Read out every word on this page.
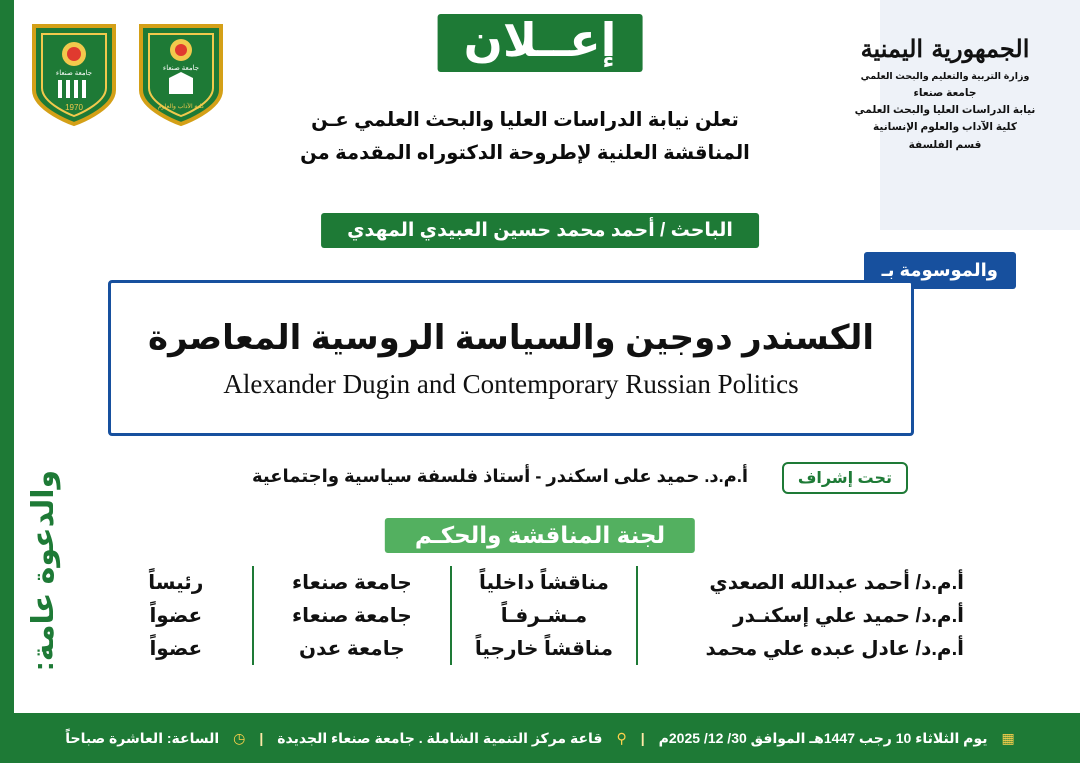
جامعة صنعاء
1970
جامعة صنعاء
كلية الآداب والعلوم
الجمهورية اليمنية
وزارة التربية والتعليم والبحث العلمي
جامعة صنعاء
نيابة الدراسات العليا والبحث العلمي
كلية الآداب والعلوم الإنسانية
قسم الفلسفة
إعــلان
تعلن نيابة الدراسات العليا والبحث العلمي عـن
المناقشة العلنية لإطروحة الدكتوراه المقدمة من
الباحث / أحمد محمد حسين العبيدي المهدي
والموسومة بـ
الكسندر دوجين والسياسة الروسية المعاصرة
Alexander Dugin and Contemporary Russian Politics
تحت إشراف
أ.م.د. حميد على اسكندر - أستاذ فلسفة سياسية واجتماعية
لجنة المناقشة والحكـم
أ.م.د/ أحمد عبدالله الصعدي	مناقشاً داخلياً	جامعة صنعاء	رئيساً
أ.م.د/ حميد علي إسكنـدر	مـشـرفـاً	جامعة صنعاء	عضواً
أ.م.د/ عادل عبده علي محمد	مناقشاً خارجياً	جامعة عدن	عضواً
والدعوة عامة:
▦
يوم الثلاثاء 10 رجب 1447هـ الموافق 30/ 12/ 2025م
|
⚲
قاعة مركز التنمية الشاملة . جامعة صنعاء الجديدة
|
◷
الساعة: العاشرة صباحاً
